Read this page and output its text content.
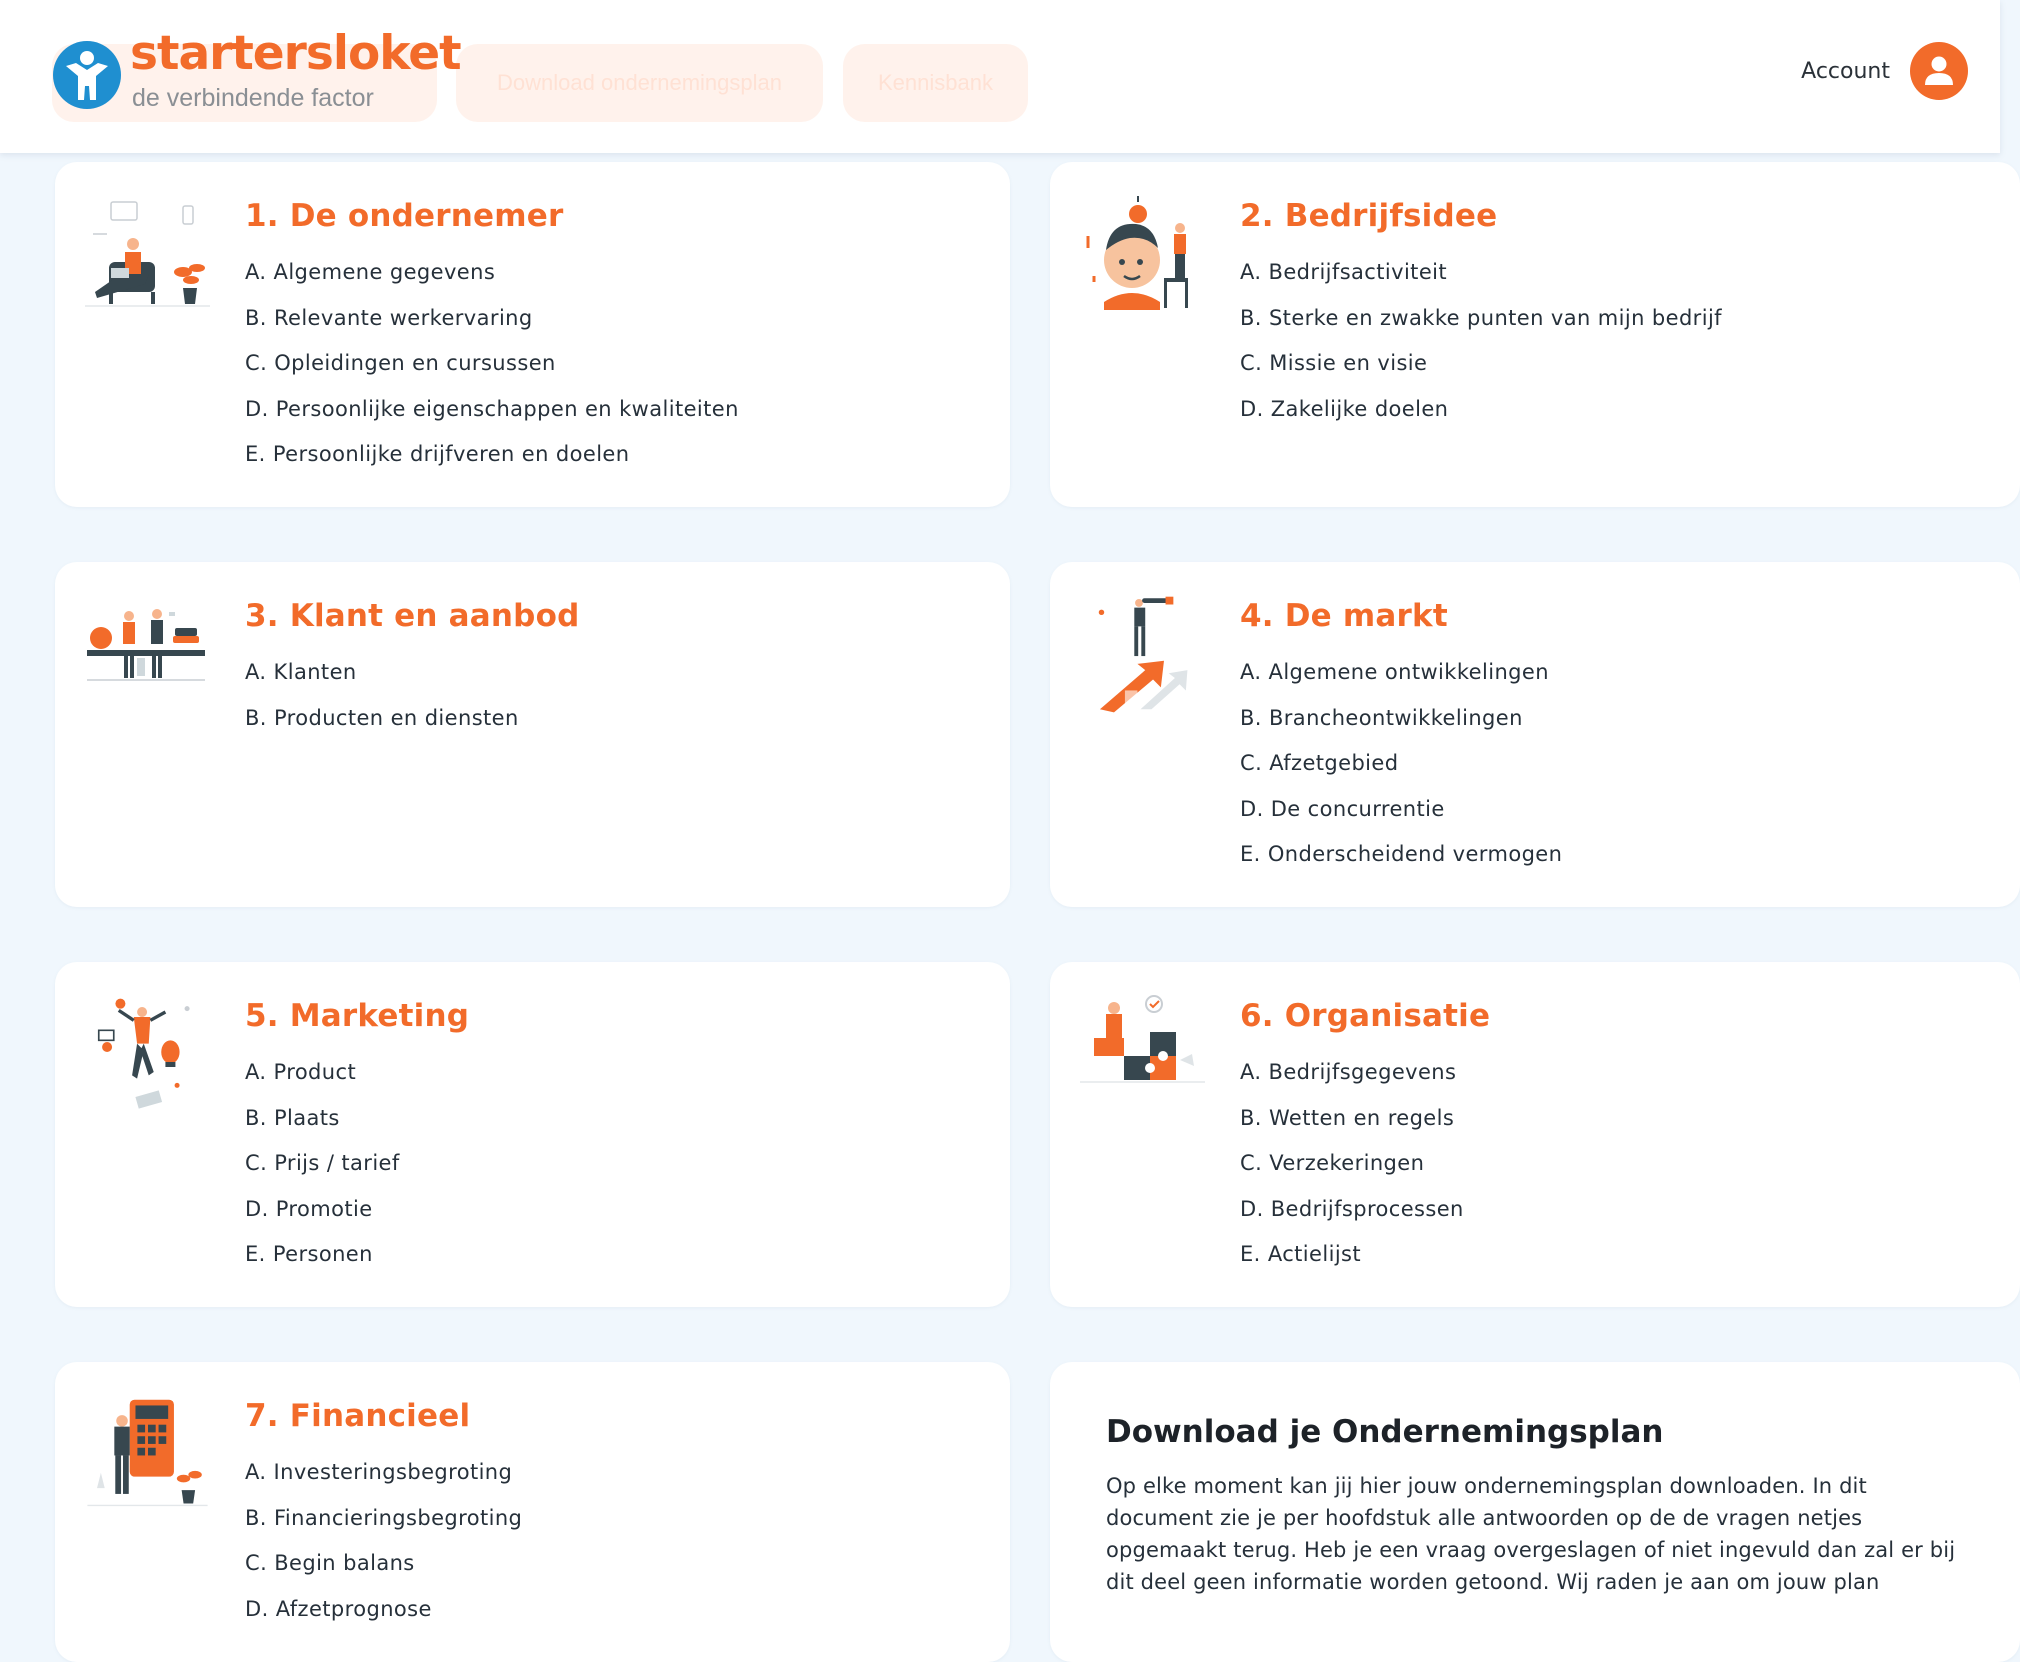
Download ondernemingsplan	Kennisbank
startersloket
de verbindende factor
Account
1. De ondernemer
A. Algemene gegevens
B. Relevante werkervaring
C. Opleidingen en cursussen
D. Persoonlijke eigenschappen en kwaliteiten
E. Persoonlijke drijfveren en doelen
2. Bedrijfsidee
A. Bedrijfsactiviteit
B. Sterke en zwakke punten van mijn bedrijf
C. Missie en visie
D. Zakelijke doelen
3. Klant en aanbod
A. Klanten
B. Producten en diensten
4. De markt
A. Algemene ontwikkelingen
B. Brancheontwikkelingen
C. Afzetgebied
D. De concurrentie
E. Onderscheidend vermogen
5. Marketing
A. Product
B. Plaats
C. Prijs / tarief
D. Promotie
E. Personen
6. Organisatie
A. Bedrijfsgegevens
B. Wetten en regels
C. Verzekeringen
D. Bedrijfsprocessen
E. Actielijst
7. Financieel
A. Investeringsbegroting
B. Financieringsbegroting
C. Begin balans
D. Afzetprognose
Download je Ondernemingsplan
Op elke moment kan jij hier jouw ondernemingsplan downloaden. In dit document zie je per hoofdstuk alle antwoorden op de de vragen netjes opgemaakt terug. Heb je een vraag overgeslagen of niet ingevuld dan zal er bij dit deel geen informatie worden getoond. Wij raden je aan om jouw plan
